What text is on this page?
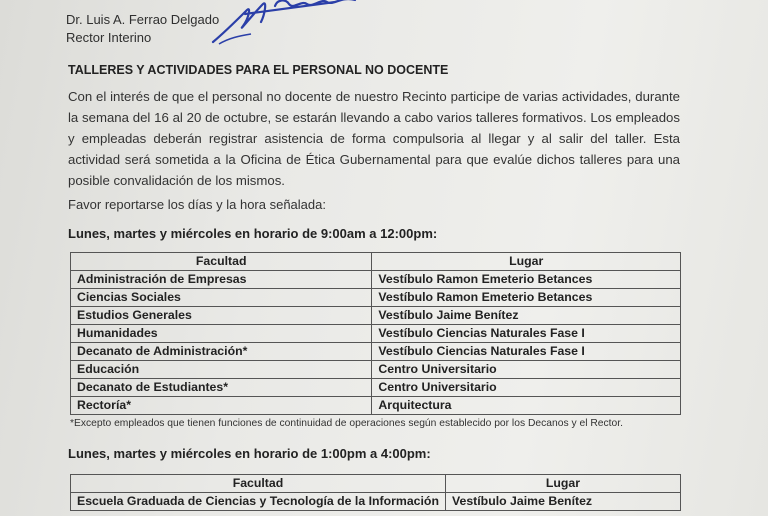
Dr. Luis A. Ferrao Delgado
Rector Interino
TALLERES Y ACTIVIDADES PARA EL PERSONAL NO DOCENTE
Con el interés de que el personal no docente de nuestro Recinto participe de varias actividades, durante la semana del 16 al 20 de octubre, se estarán llevando a cabo varios talleres formativos. Los empleados y empleadas deberán registrar asistencia de forma compulsoria al llegar y al salir del taller. Esta actividad será sometida a la Oficina de Ética Gubernamental para que evalúe dichos talleres para una posible convalidación de los mismos.
Favor reportarse los días y la hora señalada:
Lunes, martes y miércoles en horario de 9:00am a 12:00pm:
Facultad	Lugar
Administración de Empresas	Vestíbulo Ramon Emeterio Betances
Ciencias Sociales	Vestíbulo Ramon Emeterio Betances
Estudios Generales	Vestíbulo Jaime Benítez
Humanidades	Vestíbulo Ciencias Naturales Fase I
Decanato de Administración*	Vestíbulo Ciencias Naturales Fase I
Educación	Centro Universitario
Decanato de Estudiantes*	Centro Universitario
Rectoría*	Arquitectura
*Excepto empleados que tienen funciones de continuidad de operaciones según establecido por los Decanos y el Rector.
Lunes, martes y miércoles en horario de 1:00pm a 4:00pm:
Facultad	Lugar
Escuela Graduada de Ciencias y Tecnología de la Información	Vestíbulo Jaime Benítez
